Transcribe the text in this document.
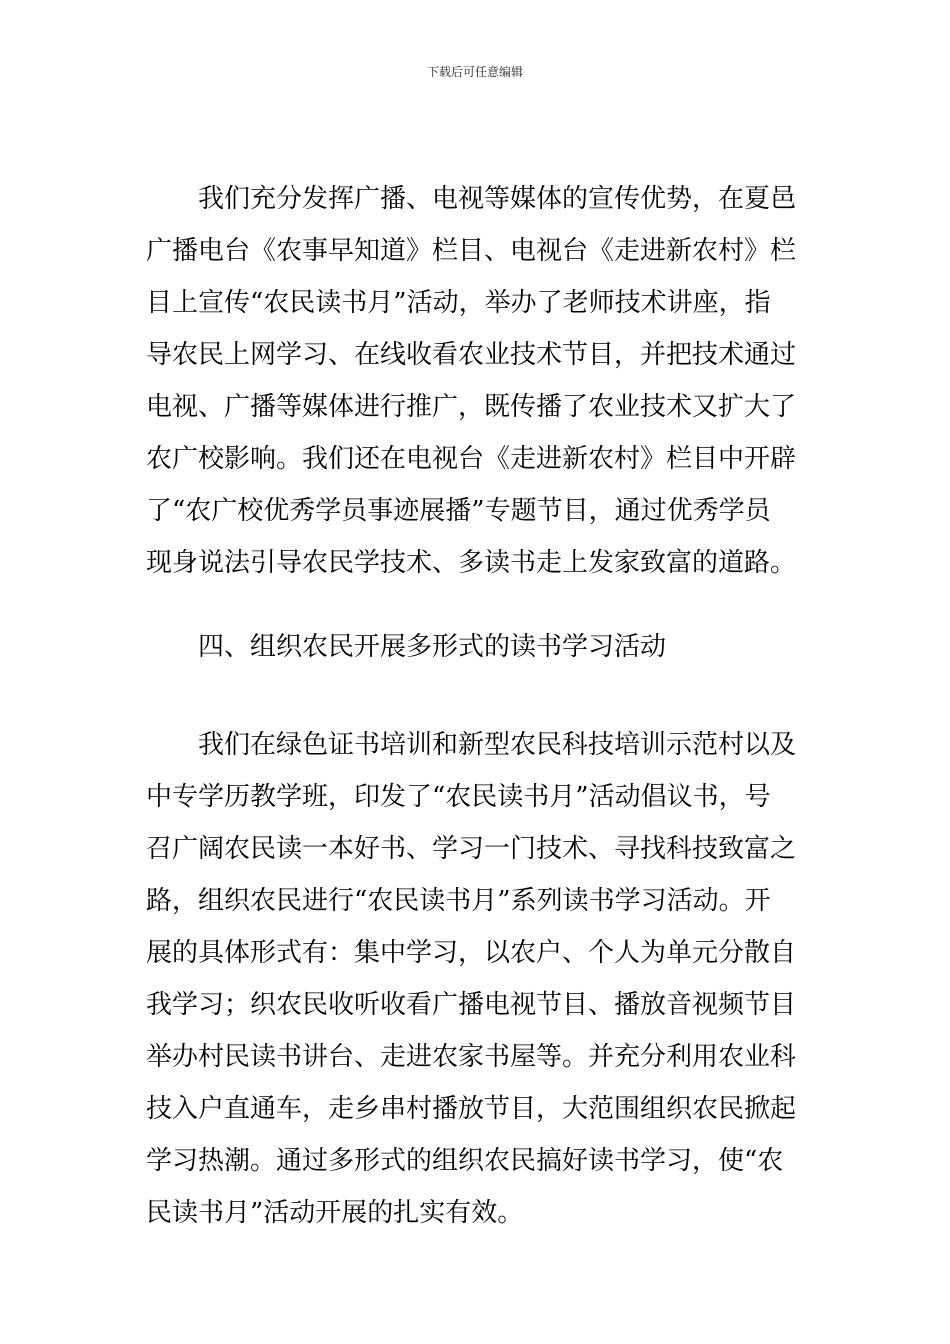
下载后可任意编辑
　　我们充分发挥广播、电视等媒体的宣传优势，在夏邑
广播电台《农事早知道》栏目、电视台《走进新农村》栏
目上宣传“农民读书月”活动，举办了老师技术讲座，指
导农民上网学习、在线收看农业技术节目，并把技术通过
电视、广播等媒体进行推广，既传播了农业技术又扩大了
农广校影响。我们还在电视台《走进新农村》栏目中开辟
了“农广校优秀学员事迹展播”专题节目，通过优秀学员
现身说法引导农民学技术、多读书走上发家致富的道路。
　　四、组织农民开展多形式的读书学习活动
　　我们在绿色证书培训和新型农民科技培训示范村以及
中专学历教学班，印发了“农民读书月”活动倡议书，号
召广阔农民读一本好书、学习一门技术、寻找科技致富之
路，组织农民进行“农民读书月”系列读书学习活动。开
展的具体形式有：集中学习，以农户、个人为单元分散自
我学习；织农民收听收看广播电视节目、播放音视频节目
举办村民读书讲台、走进农家书屋等。并充分利用农业科
技入户直通车，走乡串村播放节目，大范围组织农民掀起
学习热潮。通过多形式的组织农民搞好读书学习，使“农
民读书月”活动开展的扎实有效。
